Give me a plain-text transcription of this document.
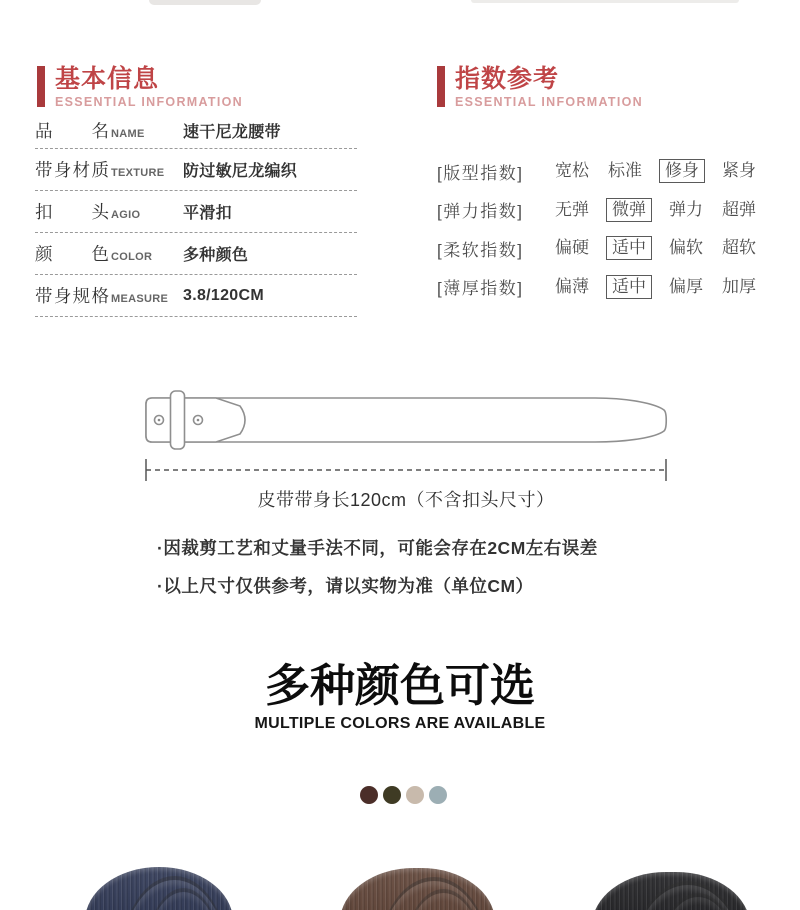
基本信息
ESSENTIAL INFORMATION
指数参考
ESSENTIAL INFORMATION
品　名 NAME 速干尼龙腰带
带身材质 TEXTURE 防过敏尼龙编织
扣　头 AGIO	平滑扣
颜　色 COLOR 多种颜色
带身规格 MEASURE 3.8/120CM
[版型指数]	宽松 标准	修身	紧身
[弹力指数]	无弹	微弹	弹力 超弹
[柔软指数]	偏硬	适中	偏软 超软
[薄厚指数]	偏薄	适中	偏厚 加厚
皮带带身长120cm（不含扣头尺寸）
·因裁剪工艺和丈量手法不同，可能会存在2CM左右误差
·以上尺寸仅供参考，请以实物为准（单位CM）
多种颜色可选
MULTIPLE COLORS ARE AVAILABLE
